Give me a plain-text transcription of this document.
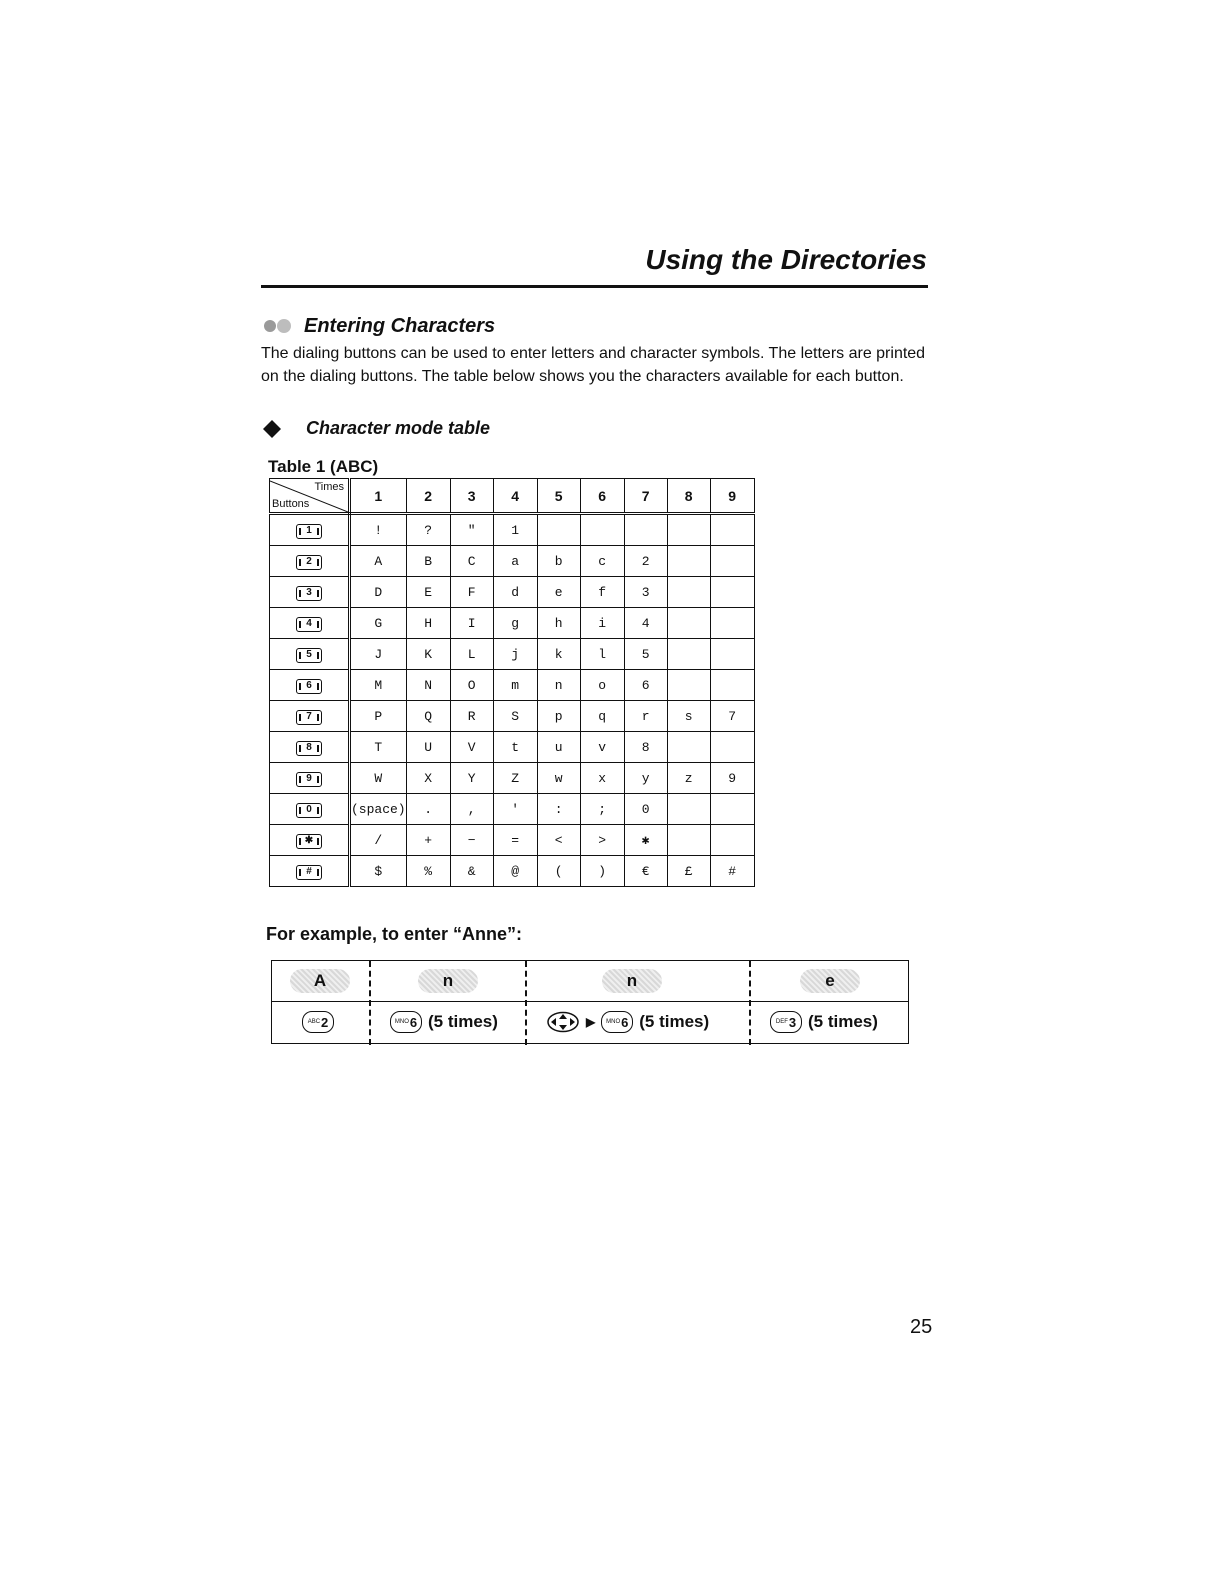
Using the Directories
Entering Characters

The dialing buttons can be used to enter letters and character symbols. The letters are printed on the dialing buttons. The table below shows you the characters available for each button.

Character mode table

Table 1 (ABC)

Times
Buttons	1	2	3	4	5	6	7	8	9
1	!	?	"	1					
2	A	B	C	a	b	c	2		
3	D	E	F	d	e	f	3		
4	G	H	I	g	h	i	4		
5	J	K	L	j	k	l	5		
6	M	N	O	m	n	o	6		
7	P	Q	R	S	p	q	r	s	7
8	T	U	V	t	u	v	8		
9	W	X	Y	Z	w	x	y	z	9
0	(space)	.	,	'	:	;	0		
✱	/	+	−	=	<	>	✱		
#	$	%	&	@	(	)	€	£	#

For example, to enter “Anne”:

A	n	n	e
ABC 2	MNO 6 (5 times)	▶ MNO 6 (5 times)	DEF 3 (5 times)

25
